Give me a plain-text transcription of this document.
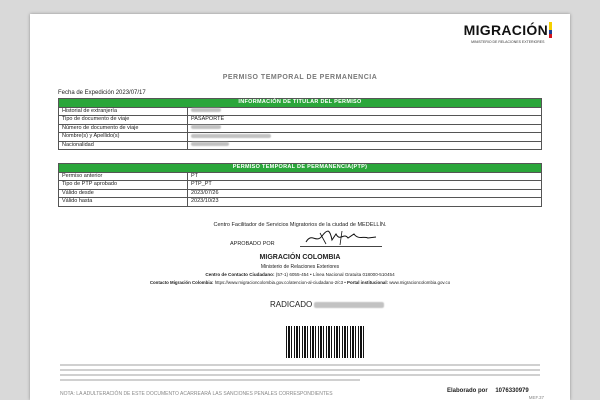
MIGRACIÓN
MINISTERIO DE RELACIONES EXTERIORES
PERMISO TEMPORAL DE PERMANENCIA
Fecha de Expedición 2023/07/17
INFORMACIÓN DE TITULAR DEL PERMISO	
Historial de extranjería	
Tipo de documento de viaje	PASAPORTE
Número de documento de viaje	
Nombre(s) y Apellido(s)	
Nacionalidad	
PERMISO TEMPORAL DE PERMANENCIA(PTP)	
Permiso anterior	PT
Tipo de PTP aprobado	PTP_PT
Válido desde	2023/07/26
Válido hasta	2023/10/23
Centro Facilitador de Servicios Migratorios de la ciudad de MEDELLÍN.
APROBADO POR
MIGRACIÓN COLOMBIA
Ministerio de Relaciones Exteriores
Centro de Contacto Ciudadano: (57-1) 6055-454 • Línea Nacional Gratuita 018000-510454
Contacto Migración Colombia: https://www.migracioncolombia.gov.co/atencion-al-ciudadano-2/c3 • Portal institucional: www.migracioncolombia.gov.co
RADICADO
NOTA: LA ADULTERACIÓN DE ESTE DOCUMENTO ACARREARÁ LAS SANCIONES PENALES CORRESPONDIENTES	Elaborado por 1076330979
MEF.37
